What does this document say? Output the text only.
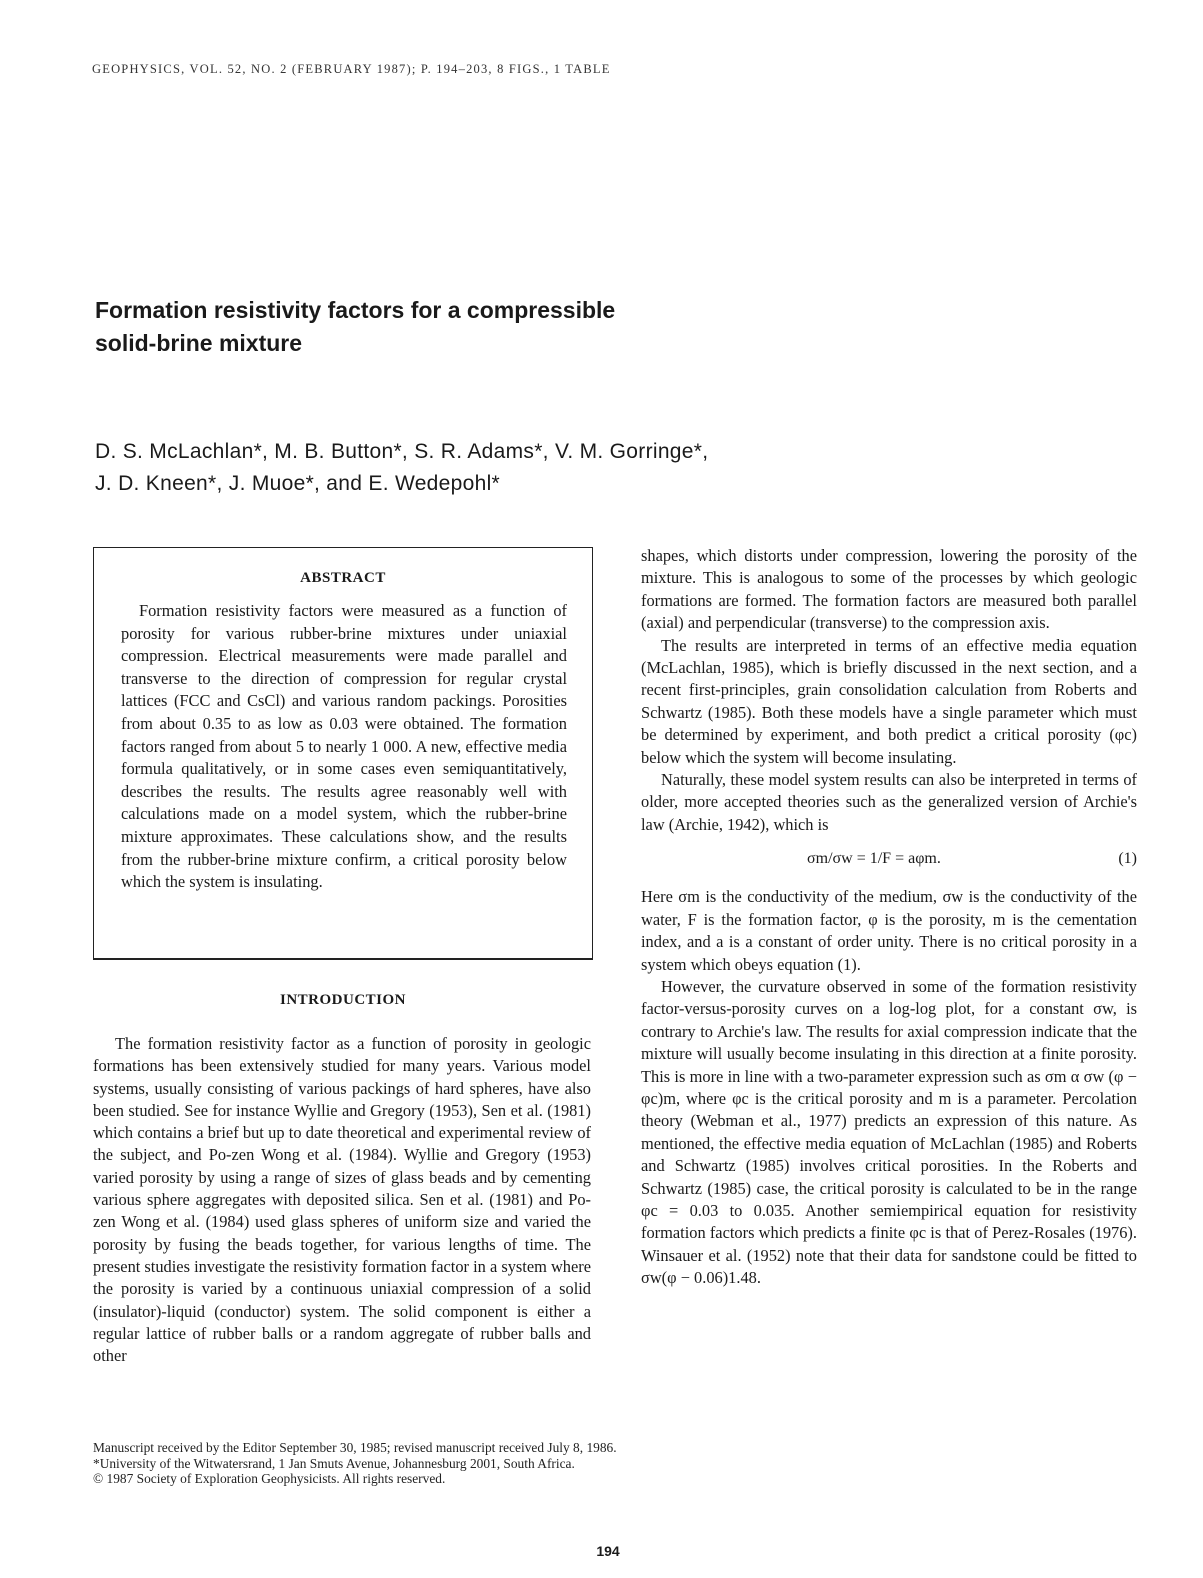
GEOPHYSICS, VOL. 52, NO. 2 (FEBRUARY 1987); P. 194–203, 8 FIGS., 1 TABLE
Formation resistivity factors for a compressible
solid-brine mixture
D. S. McLachlan*, M. B. Button*, S. R. Adams*, V. M. Gorringe*,
J. D. Kneen*, J. Muoe*, and E. Wedepohl*
ABSTRACT

Formation resistivity factors were measured as a function of porosity for various rubber-brine mixtures under uniaxial compression. Electrical measurements were made parallel and transverse to the direction of compression for regular crystal lattices (FCC and CsCl) and various random packings. Porosities from about 0.35 to as low as 0.03 were obtained. The formation factors ranged from about 5 to nearly 1 000. A new, effective media formula qualitatively, or in some cases even semiquantitatively, describes the results. The results agree reasonably well with calculations made on a model system, which the rubber-brine mixture approximates. These calculations show, and the results from the rubber-brine mixture confirm, a critical porosity below which the system is insulating.

INTRODUCTION

The formation resistivity factor as a function of porosity in geologic formations has been extensively studied for many years. Various model systems, usually consisting of various packings of hard spheres, have also been studied. See for instance Wyllie and Gregory (1953), Sen et al. (1981) which contains a brief but up to date theoretical and experimental review of the subject, and Po-zen Wong et al. (1984). Wyllie and Gregory (1953) varied porosity by using a range of sizes of glass beads and by cementing various sphere aggregates with deposited silica. Sen et al. (1981) and Po-zen Wong et al. (1984) used glass spheres of uniform size and varied the porosity by fusing the beads together, for various lengths of time. The present studies investigate the resistivity formation factor in a system where the porosity is varied by a continuous uniaxial compression of a solid (insulator)-liquid (conductor) system. The solid component is either a regular lattice of rubber balls or a random aggregate of rubber balls and other

shapes, which distorts under compression, lowering the porosity of the mixture. This is analogous to some of the processes by which geologic formations are formed. The formation factors are measured both parallel (axial) and perpendicular (transverse) to the compression axis.

The results are interpreted in terms of an effective media equation (McLachlan, 1985), which is briefly discussed in the next section, and a recent first-principles, grain consolidation calculation from Roberts and Schwartz (1985). Both these models have a single parameter which must be determined by experiment, and both predict a critical porosity (φc) below which the system will become insulating.

Naturally, these model system results can also be interpreted in terms of older, more accepted theories such as the generalized version of Archie's law (Archie, 1942), which is

σm/σw = 1/F = aφm.	(1)

Here σm is the conductivity of the medium, σw is the conductivity of the water, F is the formation factor, φ is the porosity, m is the cementation index, and a is a constant of order unity. There is no critical porosity in a system which obeys equation (1).

However, the curvature observed in some of the formation resistivity factor-versus-porosity curves on a log-log plot, for a constant σw, is contrary to Archie's law. The results for axial compression indicate that the mixture will usually become insulating in this direction at a finite porosity. This is more in line with a two-parameter expression such as σm α σw (φ − φc)m, where φc is the critical porosity and m is a parameter. Percolation theory (Webman et al., 1977) predicts an expression of this nature. As mentioned, the effective media equation of McLachlan (1985) and Roberts and Schwartz (1985) involves critical porosities. In the Roberts and Schwartz (1985) case, the critical porosity is calculated to be in the range φc = 0.03 to 0.035. Another semiempirical equation for resistivity formation factors which predicts a finite φc is that of Perez-Rosales (1976). Winsauer et al. (1952) note that their data for sandstone could be fitted to σw(φ − 0.06)1.48.

Manuscript received by the Editor September 30, 1985; revised manuscript received July 8, 1986.
*University of the Witwatersrand, 1 Jan Smuts Avenue, Johannesburg 2001, South Africa.
© 1987 Society of Exploration Geophysicists. All rights reserved.
194
